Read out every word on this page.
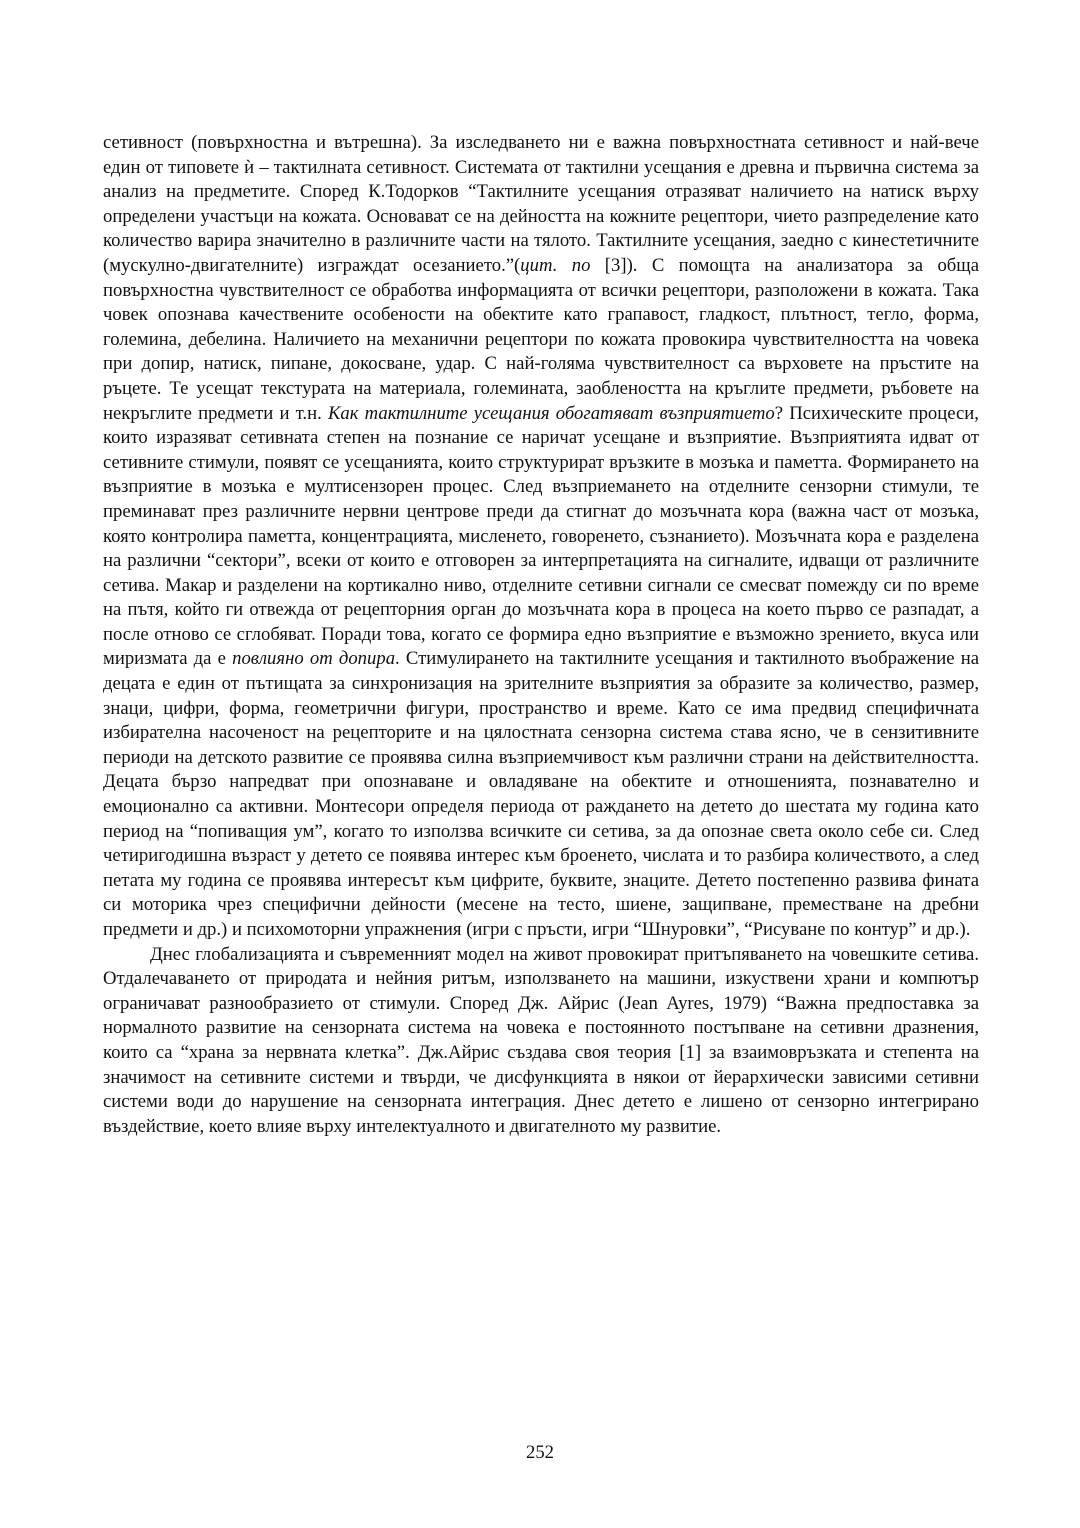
сетивност (повърхностна и вътрешна). За изследването ни е важна повърхностната сетивност и най-вече един от типовете ѝ – тактилната сетивност. Системата от тактилни усещания е древна и първична система за анализ на предметите. Според К.Тодорков “Тактилните усещания отразяват наличието на натиск върху определени участъци на кожата. Основават се на дейността на кожните рецептори, чието разпределение като количество варира значително в различните части на тялото. Тактилните усещания, заедно с кинестетичните (мускулно-двигателните) изграждат осезанието.”(цит. по [3]). С помощта на анализатора за обща повърхностна чувствителност се обработва информацията от всички рецептори, разположени в кожата. Така човек опознава качествените особености на обектите като грапавост, гладкост, плътност, тегло, форма, големина, дебелина. Наличието на механични рецептори по кожата провокира чувствителността на човека при допир, натиск, пипане, докосване, удар. С най-голяма чувствителност са върховете на пръстите на ръцете. Те усещат текстурата на материала, големината, заоблеността на кръглите предмети, ръбовете на некръглите предмети и т.н. Как тактилните усещания обогатяват възприятието? Психическите процеси, които изразяват сетивната степен на познание се наричат усещане и възприятие. Възприятията идват от сетивните стимули, появят се усещанията, които структурират връзките в мозъка и паметта. Формирането на възприятие в мозъка е мултисензорен процес. След възприемането на отделните сензорни стимули, те преминават през различните нервни центрове преди да стигнат до мозъчната кора (важна част от мозъка, която контролира паметта, концентрацията, мисленето, говоренето, съзнанието). Мозъчната кора е разделена на различни “сектори”, всеки от които е отговорен за интерпретацията на сигналите, идващи от различните сетива. Макар и разделени на кортикално ниво, отделните сетивни сигнали се смесват помежду си по време на пътя, който ги отвежда от рецепторния орган до мозъчната кора в процеса на което първо се разпадат, а после отново се сглобяват. Поради това, когато се формира едно възприятие е възможно зрението, вкуса или миризмата да е повлияно от допира. Стимулирането на тактилните усещания и тактилното въображение на децата е един от пътищата за синхронизация на зрителните възприятия за образите за количество, размер, знаци, цифри, форма, геометрични фигури, пространство и време. Като се има предвид специфичната избирателна насоченост на рецепторите и на цялостната сензорна система става ясно, че в сензитивните периоди на детското развитие се проявява силна възприемчивост към различни страни на действителността. Децата бързо напредват при опознаване и овладяване на обектите и отношенията, познавателно и емоционално са активни. Монтесори определя периода от раждането на детето до шестата му година като период на “попиващия ум”, когато то използва всичките си сетива, за да опознае света около себе си. След четиригодишна възраст у детето се появява интерес към броенето, числата и то разбира количеството, а след петата му година се проявява интересът към цифрите, буквите, знаците. Детето постепенно развива фината си моторика чрез специфични дейности (месене на тесто, шиене, защипване, преместване на дребни предмети и др.) и психомоторни упражнения (игри с пръсти, игри “Шнуровки”, “Рисуване по контур” и др.).

Днес глобализацията и съвременният модел на живот провокират притъпяването на човешките сетива. Отдалечаването от природата и нейния ритъм, използването на машини, изкуствени храни и компютър ограничават разнообразието от стимули. Според Дж. Айрис (Jean Ayres, 1979) “Важна предпоставка за нормалното развитие на сензорната система на човека е постоянното постъпване на сетивни дразнения, които са “храна за нервната клетка”. Дж.Айрис създава своя теория [1] за взаимовръзката и степента на значимост на сетивните системи и твърди, че дисфункцията в някои от йерархически зависими сетивни системи води до нарушение на сензорната интеграция. Днес детето е лишено от сензорно интегрирано въздействие, което влияе върху интелектуалното и двигателното му развитие.

252
